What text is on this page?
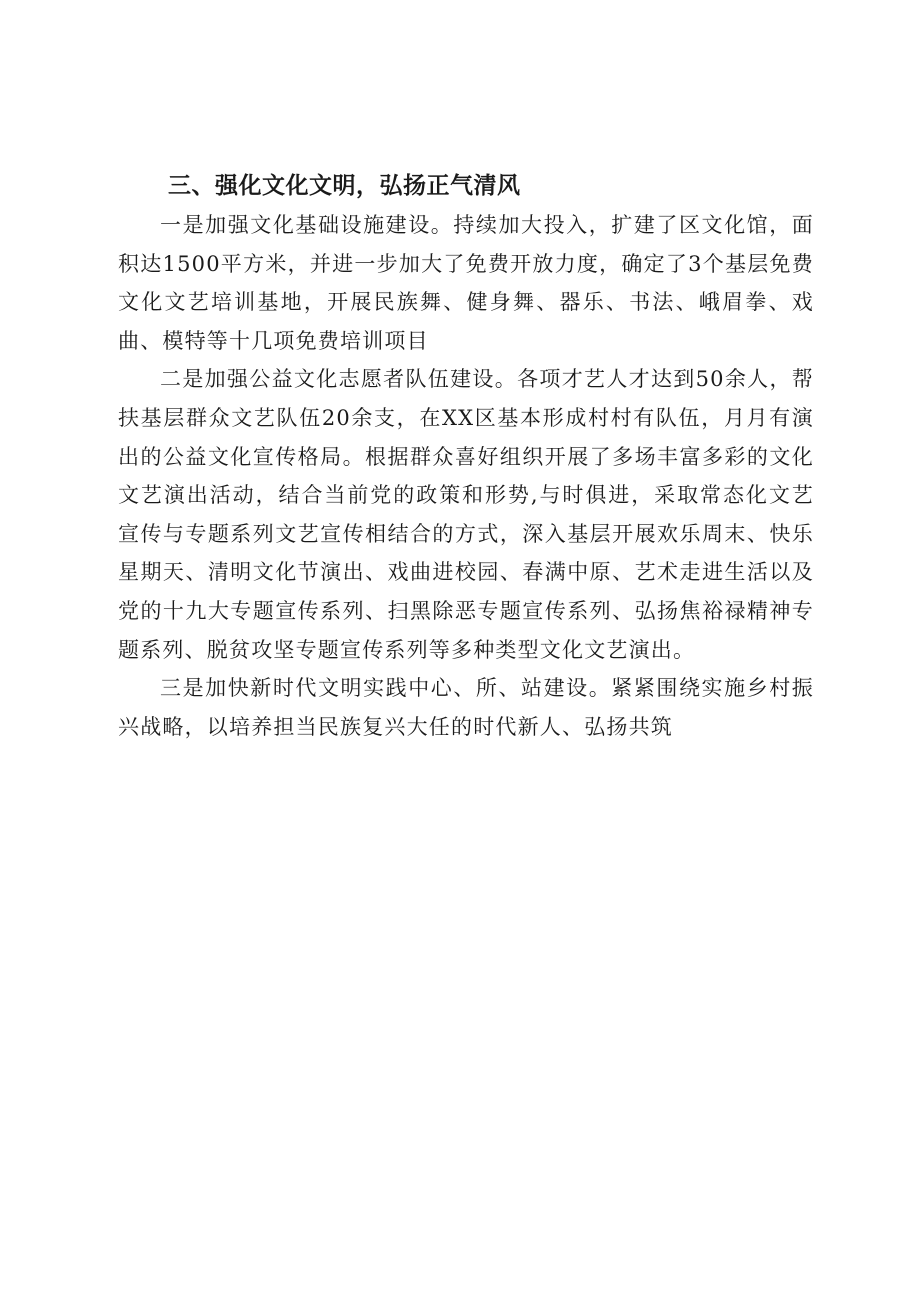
三、强化文化文明，弘扬正气清风

一是加强文化基础设施建设。持续加大投入，扩建了区文化馆，面积达1500平方米，并进一步加大了免费开放力度，确定了3个基层免费文化文艺培训基地，开展民族舞、健身舞、器乐、书法、峨眉拳、戏曲、模特等十几项免费培训项目

二是加强公益文化志愿者队伍建设。各项才艺人才达到50余人，帮扶基层群众文艺队伍20余支，在XX区基本形成村村有队伍，月月有演出的公益文化宣传格局。根据群众喜好组织开展了多场丰富多彩的文化文艺演出活动，结合当前党的政策和形势,与时俱进，采取常态化文艺宣传与专题系列文艺宣传相结合的方式，深入基层开展欢乐周末、快乐星期天、清明文化节演出、戏曲进校园、春满中原、艺术走进生活以及党的十九大专题宣传系列、扫黑除恶专题宣传系列、弘扬焦裕禄精神专题系列、脱贫攻坚专题宣传系列等多种类型文化文艺演出。

三是加快新时代文明实践中心、所、站建设。紧紧围绕实施乡村振兴战略，以培养担当民族复兴大任的时代新人、弘扬共筑
